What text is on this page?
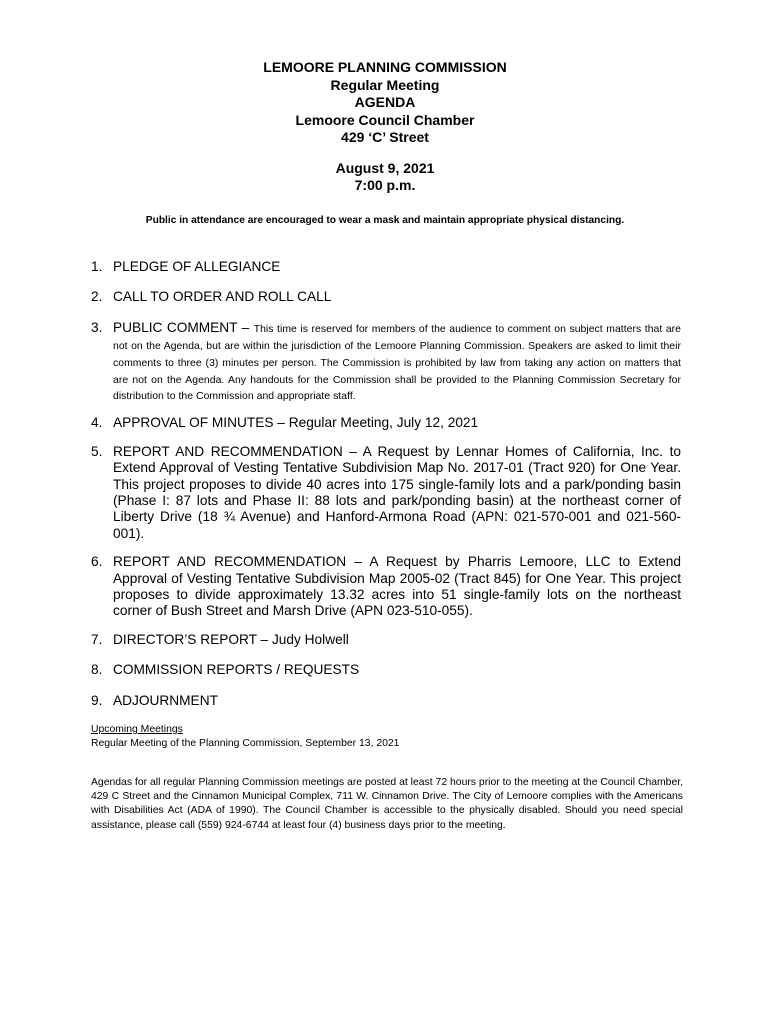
LEMOORE PLANNING COMMISSION
Regular Meeting
AGENDA
Lemoore Council Chamber
429 ‘C’ Street
August 9, 2021
7:00 p.m.
Public in attendance are encouraged to wear a mask and maintain appropriate physical distancing.
1. PLEDGE OF ALLEGIANCE
2. CALL TO ORDER AND ROLL CALL
3. PUBLIC COMMENT – This time is reserved for members of the audience to comment on subject matters that are not on the Agenda, but are within the jurisdiction of the Lemoore Planning Commission. Speakers are asked to limit their comments to three (3) minutes per person. The Commission is prohibited by law from taking any action on matters that are not on the Agenda. Any handouts for the Commission shall be provided to the Planning Commission Secretary for distribution to the Commission and appropriate staff.
4. APPROVAL OF MINUTES – Regular Meeting, July 12, 2021
5. REPORT AND RECOMMENDATION – A Request by Lennar Homes of California, Inc. to Extend Approval of Vesting Tentative Subdivision Map No. 2017-01 (Tract 920) for One Year. This project proposes to divide 40 acres into 175 single-family lots and a park/ponding basin (Phase I: 87 lots and Phase II: 88 lots and park/ponding basin) at the northeast corner of Liberty Drive (18 ¾ Avenue) and Hanford-Armona Road (APN: 021-570-001 and 021-560-001).
6. REPORT AND RECOMMENDATION – A Request by Pharris Lemoore, LLC to Extend Approval of Vesting Tentative Subdivision Map 2005-02 (Tract 845) for One Year. This project proposes to divide approximately 13.32 acres into 51 single-family lots on the northeast corner of Bush Street and Marsh Drive (APN 023-510-055).
7. DIRECTOR’S REPORT – Judy Holwell
8. COMMISSION REPORTS / REQUESTS
9. ADJOURNMENT
Upcoming Meetings
Regular Meeting of the Planning Commission, September 13, 2021
Agendas for all regular Planning Commission meetings are posted at least 72 hours prior to the meeting at the Council Chamber, 429 C Street and the Cinnamon Municipal Complex, 711 W. Cinnamon Drive. The City of Lemoore complies with the Americans with Disabilities Act (ADA of 1990). The Council Chamber is accessible to the physically disabled. Should you need special assistance, please call (559) 924-6744 at least four (4) business days prior to the meeting.
